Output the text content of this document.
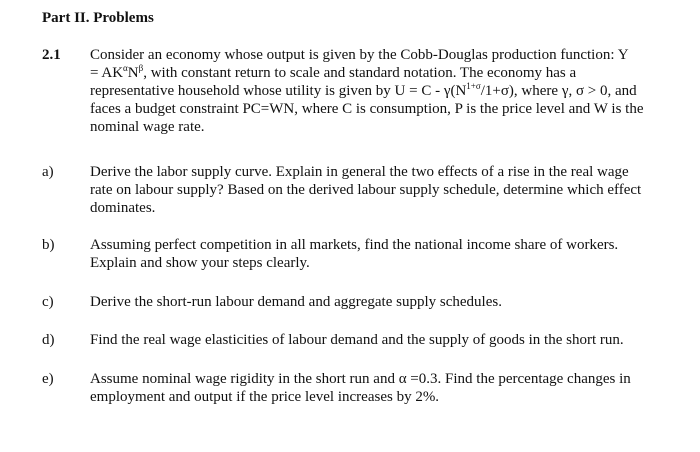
Part II. Problems
2.1 Consider an economy whose output is given by the Cobb-Douglas production function: Y
= $AK^\alpha N^\beta$, with constant return to scale and standard notation. The economy has a
representative household whose utility is given by $U = C - \gamma(N^{1+\sigma}/1+\sigma)$, where γ, σ > 0, and
faces a budget constraint PC=WN, where C is consumption, P is the price level and W is the
nominal wage rate.
a) Derive the labor supply curve. Explain in general the two effects of a rise in the real wage
rate on labour supply? Based on the derived labour supply schedule, determine which effect
dominates.
b) Assuming perfect competition in all markets, find the national income share of workers.
Explain and show your steps clearly.
c) Derive the short-run labour demand and aggregate supply schedules.
d) Find the real wage elasticities of labour demand and the supply of goods in the short run.
e) Assume nominal wage rigidity in the short run and α =0.3. Find the percentage changes in
employment and output if the price level increases by 2%.
